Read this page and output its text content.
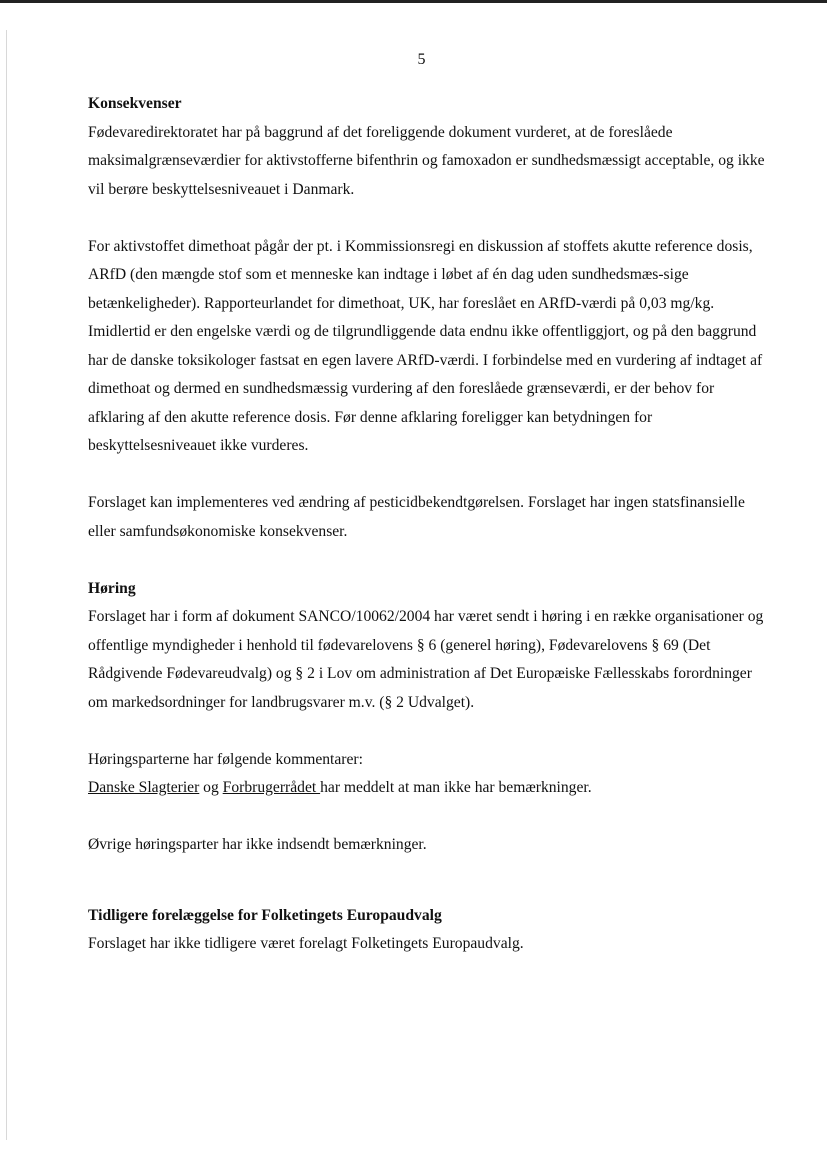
5

Konsekvenser

Fødevaredirektoratet har på baggrund af det foreliggende dokument vurderet, at de foreslåede maksimalgrænseværdier for aktivstofferne bifenthrin og famoxadon er sundhedsmæssigt acceptable, og ikke vil berøre beskyttelsesniveauet i Danmark.

For aktivstoffet dimethoat pågår der pt. i Kommissionsregi en diskussion af stoffets akutte reference dosis, ARfD (den mængde stof som et menneske kan indtage i løbet af én dag uden sundhedsmæs-sige betænkeligheder). Rapporteurlandet for dimethoat, UK, har foreslået en ARfD-værdi på 0,03 mg/kg. Imidlertid er den engelske værdi og de tilgrundliggende data endnu ikke offentliggjort, og på den baggrund har de danske toksikologer fastsat en egen lavere ARfD-værdi. I forbindelse med en vurdering af indtaget af dimethoat og dermed en sundhedsmæssig vurdering af den foreslåede grænseværdi, er der behov for afklaring af den akutte reference dosis. Før denne afklaring foreligger kan betydningen for beskyttelsesniveauet ikke vurderes.

Forslaget kan implementeres ved ændring af pesticidbekendtgørelsen. Forslaget har ingen statsfinansielle eller samfundsøkonomiske konsekvenser.

Høring

Forslaget har i form af dokument SANCO/10062/2004 har været sendt i høring i en række organisationer og offentlige myndigheder i henhold til fødevarelovens § 6 (generel høring), Fødevarelovens § 69 (Det Rådgivende Fødevareudvalg) og § 2 i Lov om administration af Det Europæiske Fællesskabs forordninger om markedsordninger for landbrugsvarer m.v. (§ 2 Udvalget).

Høringsparterne har følgende kommentarer:

Danske Slagterier og Forbrugerrådet har meddelt at man ikke har bemærkninger.

Øvrige høringsparter har ikke indsendt bemærkninger.

Tidligere forelæggelse for Folketingets Europaudvalg

Forslaget har ikke tidligere været forelagt Folketingets Europaudvalg.
